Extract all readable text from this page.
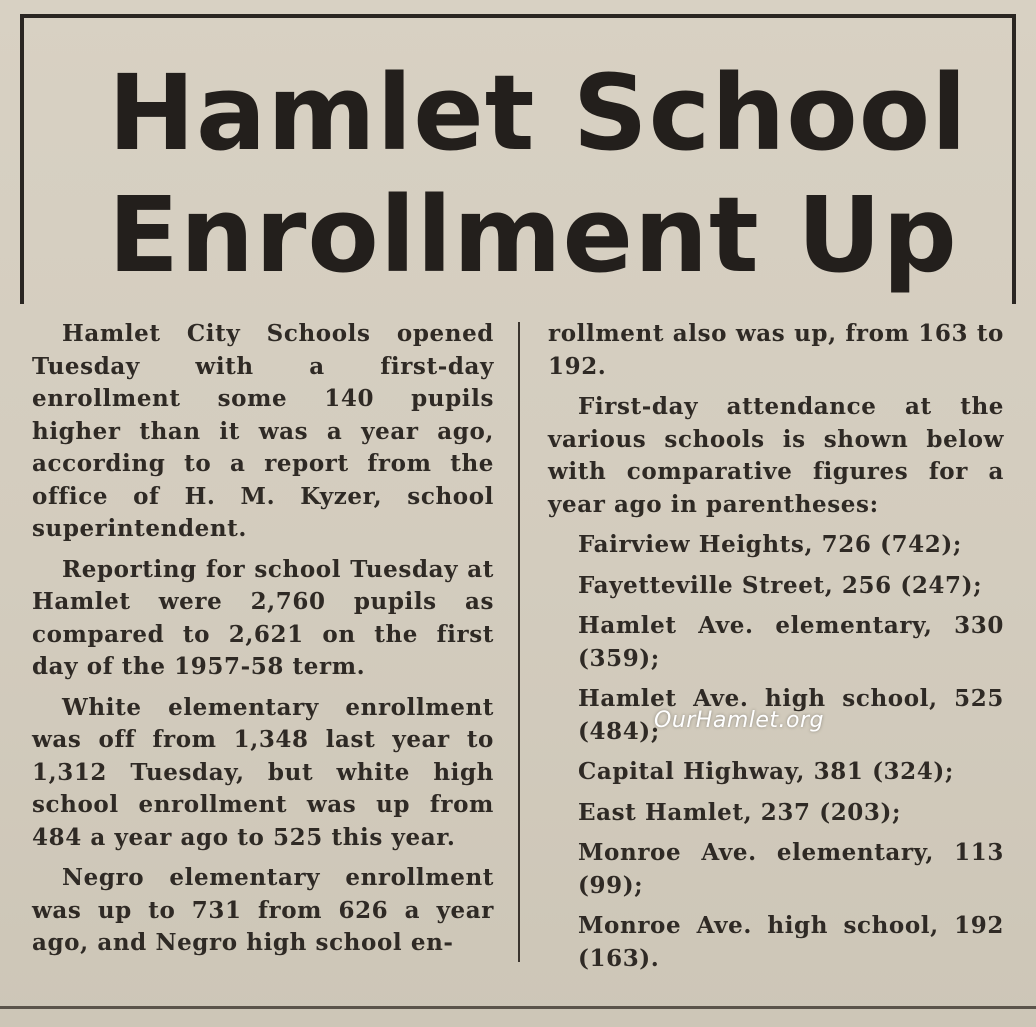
Hamlet School
Enrollment Up

Hamlet City Schools opened Tuesday with a first-day enrollment some 140 pupils higher than it was a year ago, according to a report from the office of H. M. Kyzer, school superintendent.

Reporting for school Tuesday at Hamlet were 2,760 pupils as compared to 2,621 on the first day of the 1957-58 term.

White elementary enrollment was off from 1,348 last year to 1,312 Tuesday, but white high school enrollment was up from 484 a year ago to 525 this year.

Negro elementary enrollment was up to 731 from 626 a year ago, and Negro high school en-

rollment also was up, from 163 to 192.

First-day attendance at the various schools is shown below with comparative figures for a year ago in parentheses:

Fairview Heights, 726 (742);

Fayetteville Street, 256 (247);

Hamlet Ave. elementary, 330 (359);

Hamlet Ave. high school, 525 (484);

Capital Highway, 381 (324);

East Hamlet, 237 (203);

Monroe Ave. elementary, 113 (99);

Monroe Ave. high school, 192 (163).

OurHamlet.org
